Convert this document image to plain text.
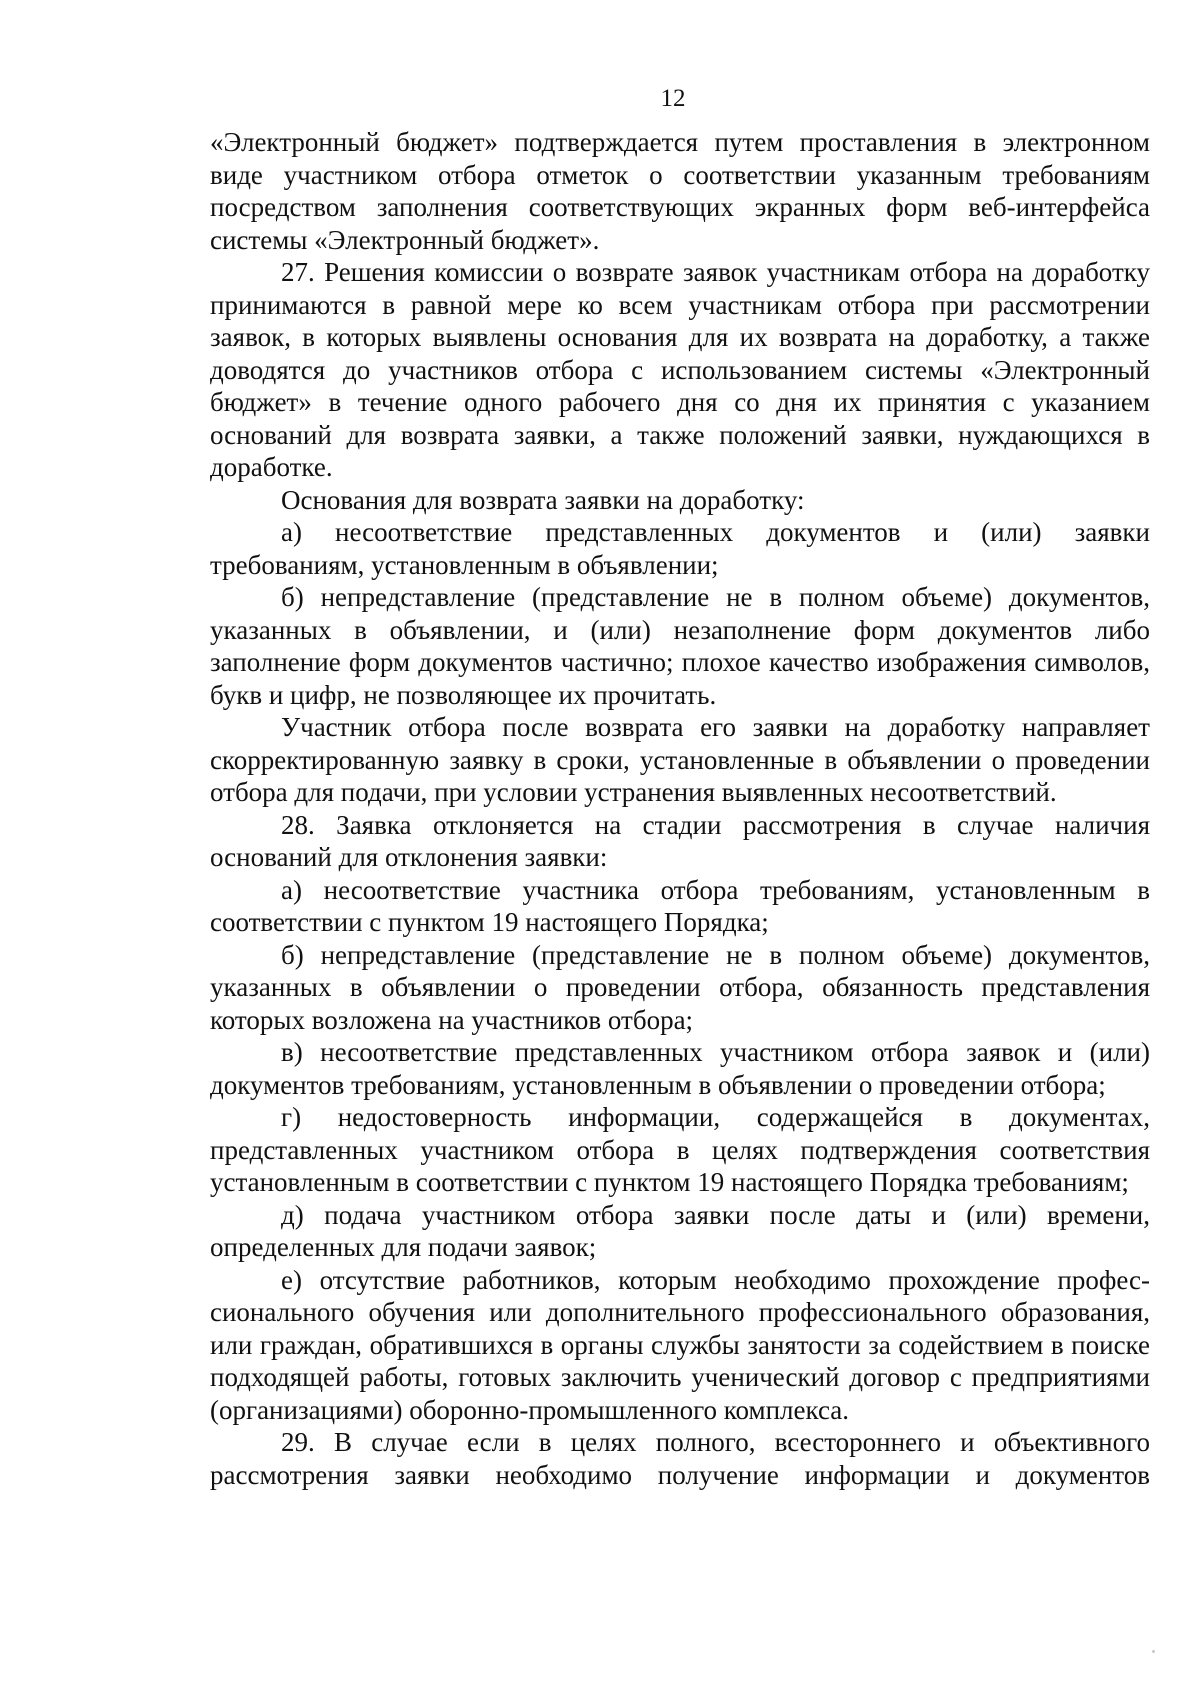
12

«Электронный бюджет» подтверждается путем проставления в электронном виде участником отбора отметок о соответствии указанным требованиям посредством заполнения соответствующих экранных форм веб-интерфейса системы «Электронный бюджет».

27. Решения комиссии о возврате заявок участникам отбора на доработку принимаются в равной мере ко всем участникам отбора при рассмотрении заявок, в которых выявлены основания для их возврата на доработку, а также доводятся до участников отбора с использованием системы «Электронный бюджет» в течение одного рабочего дня со дня их принятия с указанием оснований для возврата заявки, а также положений заявки, нуждающихся в доработке.

Основания для возврата заявки на доработку:

а) несоответствие представленных документов и (или) заявки требованиям, установленным в объявлении;

б) непредставление (представление не в полном объеме) документов, указанных в объявлении, и (или) незаполнение форм документов либо заполнение форм документов частично; плохое качество изображения символов, букв и цифр, не позволяющее их прочитать.

Участник отбора после возврата его заявки на доработку направляет скорректированную заявку в сроки, установленные в объявлении о проведении отбора для подачи, при условии устранения выявленных несоответствий.

28. Заявка отклоняется на стадии рассмотрения в случае наличия оснований для отклонения заявки:

а) несоответствие участника отбора требованиям, установленным в соответствии с пунктом 19 настоящего Порядка;

б) непредставление (представление не в полном объеме) документов, указанных в объявлении о проведении отбора, обязанность представления которых возложена на участников отбора;

в) несоответствие представленных участником отбора заявок и (или) документов требованиям, установленным в объявлении о проведении отбора;

г) недостоверность информации, содержащейся в документах, представленных участником отбора в целях подтверждения соответствия установленным в соответствии с пунктом 19 настоящего Порядка требованиям;

д) подача участником отбора заявки после даты и (или) времени, определенных для подачи заявок;

е) отсутствие работников, которым необходимо прохождение профессионального обучения или дополнительного профессионального образования, или граждан, обратившихся в органы службы занятости за содействием в поиске подходящей работы, готовых заключить ученический договор с предприятиями (организациями) оборонно-промышленного комплекса.

29. В случае если в целях полного, всестороннего и объективного рассмотрения заявки необходимо получение информации и документов
